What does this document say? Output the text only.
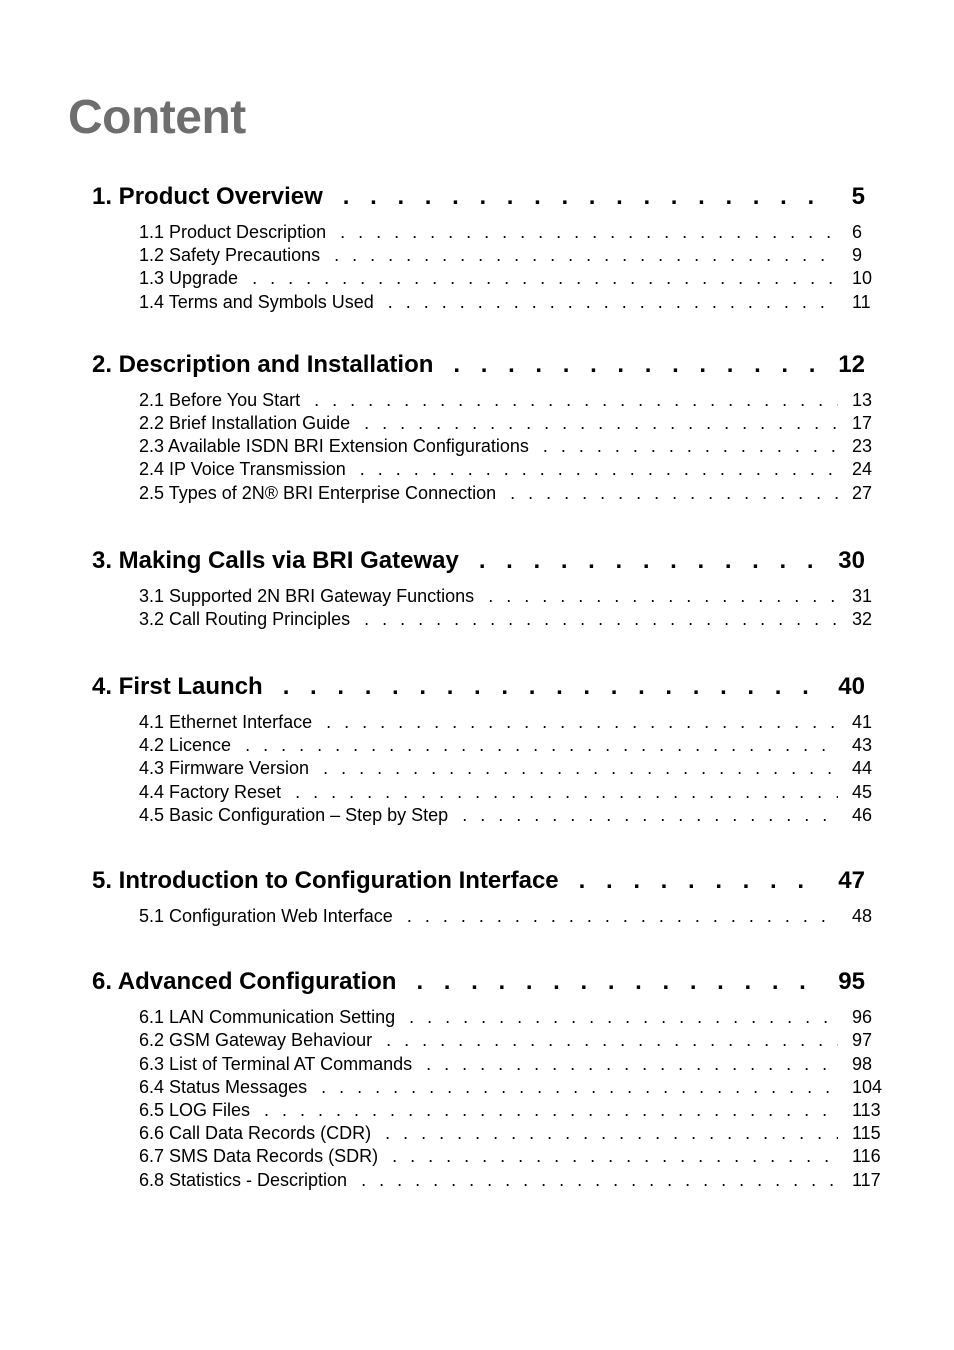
Content
1. Product Overview . . .	5
1.1 Product Description . . .	6
1.2 Safety Precautions . . .	9
1.3 Upgrade . . .	10
1.4 Terms and Symbols Used . . .	11
2. Description and Installation . . .	12
2.1 Before You Start . . .	13
2.2 Brief Installation Guide . . .	17
2.3 Available ISDN BRI Extension Configurations . . .	23
2.4 IP Voice Transmission . . .	24
2.5 Types of 2N® BRI Enterprise Connection . . .	27
3. Making Calls via BRI Gateway . . .	30
3.1 Supported 2N BRI Gateway Functions . . .	31
3.2 Call Routing Principles . . .	32
4. First Launch . . .	40
4.1 Ethernet Interface . . .	41
4.2 Licence . . .	43
4.3 Firmware Version . . .	44
4.4 Factory Reset . . .	45
4.5 Basic Configuration – Step by Step . . .	46
5. Introduction to Configuration Interface . . .	47
5.1 Configuration Web Interface . . .	48
6. Advanced Configuration . . .	95
6.1 LAN Communication Setting . . .	96
6.2 GSM Gateway Behaviour . . .	97
6.3 List of Terminal AT Commands . . .	98
6.4 Status Messages . . .	104
6.5 LOG Files . . .	113
6.6 Call Data Records (CDR) . . .	115
6.7 SMS Data Records (SDR) . . .	116
6.8 Statistics - Description . . .	117
